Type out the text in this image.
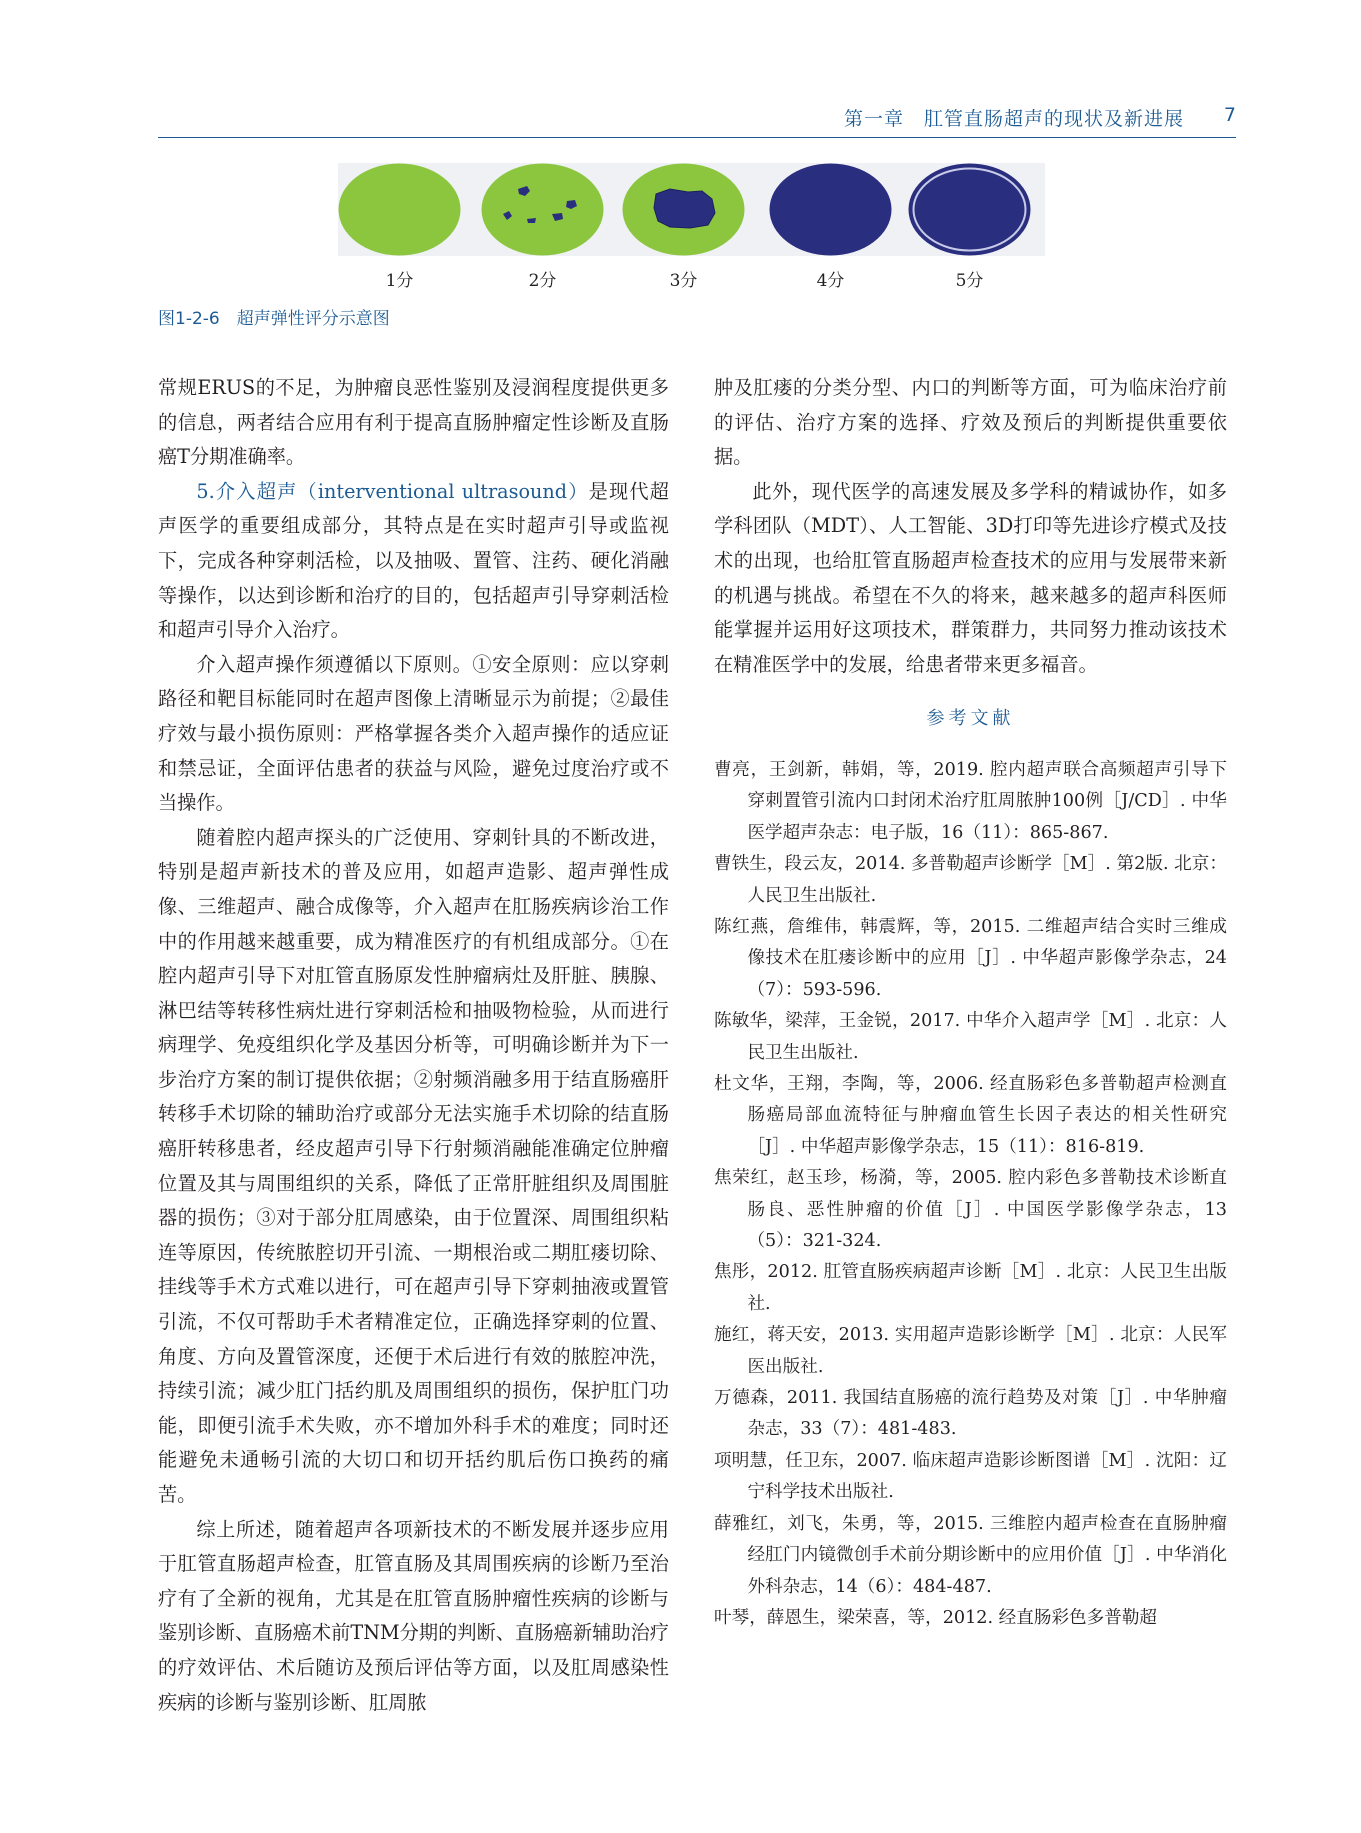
第一章　肛管直肠超声的现状及新进展 7
1分	2分	3分	4分	5分
图1-2-6　超声弹性评分示意图

常规ERUS的不足，为肿瘤良恶性鉴别及浸润程度提供更多的信息，两者结合应用有利于提高直肠肿瘤定性诊断及直肠癌T分期准确率。

5.介入超声（interventional ultrasound）是现代超声医学的重要组成部分，其特点是在实时超声引导或监视下，完成各种穿刺活检，以及抽吸、置管、注药、硬化消融等操作，以达到诊断和治疗的目的，包括超声引导穿刺活检和超声引导介入治疗。

介入超声操作须遵循以下原则。①安全原则：应以穿刺路径和靶目标能同时在超声图像上清晰显示为前提；②最佳疗效与最小损伤原则：严格掌握各类介入超声操作的适应证和禁忌证，全面评估患者的获益与风险，避免过度治疗或不当操作。

随着腔内超声探头的广泛使用、穿刺针具的不断改进，特别是超声新技术的普及应用，如超声造影、超声弹性成像、三维超声、融合成像等，介入超声在肛肠疾病诊治工作中的作用越来越重要，成为精准医疗的有机组成部分。①在腔内超声引导下对肛管直肠原发性肿瘤病灶及肝脏、胰腺、淋巴结等转移性病灶进行穿刺活检和抽吸物检验，从而进行病理学、免疫组织化学及基因分析等，可明确诊断并为下一步治疗方案的制订提供依据；②射频消融多用于结直肠癌肝转移手术切除的辅助治疗或部分无法实施手术切除的结直肠癌肝转移患者，经皮超声引导下行射频消融能准确定位肿瘤位置及其与周围组织的关系，降低了正常肝脏组织及周围脏器的损伤；③对于部分肛周感染，由于位置深、周围组织粘连等原因，传统脓腔切开引流、一期根治或二期肛瘘切除、挂线等手术方式难以进行，可在超声引导下穿刺抽液或置管引流，不仅可帮助手术者精准定位，正确选择穿刺的位置、角度、方向及置管深度，还便于术后进行有效的脓腔冲洗，持续引流；减少肛门括约肌及周围组织的损伤，保护肛门功能，即便引流手术失败，亦不增加外科手术的难度；同时还能避免未通畅引流的大切口和切开括约肌后伤口换药的痛苦。

综上所述，随着超声各项新技术的不断发展并逐步应用于肛管直肠超声检查，肛管直肠及其周围疾病的诊断乃至治疗有了全新的视角，尤其是在肛管直肠肿瘤性疾病的诊断与鉴别诊断、直肠癌术前TNM分期的判断、直肠癌新辅助治疗的疗效评估、术后随访及预后评估等方面，以及肛周感染性疾病的诊断与鉴别诊断、肛周脓

肿及肛瘘的分类分型、内口的判断等方面，可为临床治疗前的评估、治疗方案的选择、疗效及预后的判断提供重要依据。

此外，现代医学的高速发展及多学科的精诚协作，如多学科团队（MDT）、人工智能、3D打印等先进诊疗模式及技术的出现，也给肛管直肠超声检查技术的应用与发展带来新的机遇与挑战。希望在不久的将来，越来越多的超声科医师能掌握并运用好这项技术，群策群力，共同努力推动该技术在精准医学中的发展，给患者带来更多福音。

参考文献

曹亮，王剑新，韩娟，等，2019. 腔内超声联合高频超声引导下穿刺置管引流内口封闭术治疗肛周脓肿100例［J/CD］. 中华医学超声杂志：电子版，16（11）：865-867.

曹铁生，段云友，2014. 多普勒超声诊断学［M］. 第2版. 北京：人民卫生出版社.

陈红燕，詹维伟，韩震辉，等，2015. 二维超声结合实时三维成像技术在肛瘘诊断中的应用［J］. 中华超声影像学杂志，24（7）：593-596.

陈敏华，梁萍，王金锐，2017. 中华介入超声学［M］. 北京：人民卫生出版社.

杜文华，王翔，李陶，等，2006. 经直肠彩色多普勒超声检测直肠癌局部血流特征与肿瘤血管生长因子表达的相关性研究［J］. 中华超声影像学杂志，15（11）：816-819.

焦荣红，赵玉珍，杨漪，等，2005. 腔内彩色多普勒技术诊断直肠良、恶性肿瘤的价值［J］. 中国医学影像学杂志，13（5）：321-324.

焦彤，2012. 肛管直肠疾病超声诊断［M］. 北京：人民卫生出版社.

施红，蒋天安，2013. 实用超声造影诊断学［M］. 北京：人民军医出版社.

万德森，2011. 我国结直肠癌的流行趋势及对策［J］. 中华肿瘤杂志，33（7）：481-483.

项明慧，任卫东，2007. 临床超声造影诊断图谱［M］. 沈阳：辽宁科学技术出版社.

薛雅红，刘飞，朱勇，等，2015. 三维腔内超声检查在直肠肿瘤经肛门内镜微创手术前分期诊断中的应用价值［J］. 中华消化外科杂志，14（6）：484-487.

叶琴，薛恩生，梁荣喜，等，2012. 经直肠彩色多普勒超
